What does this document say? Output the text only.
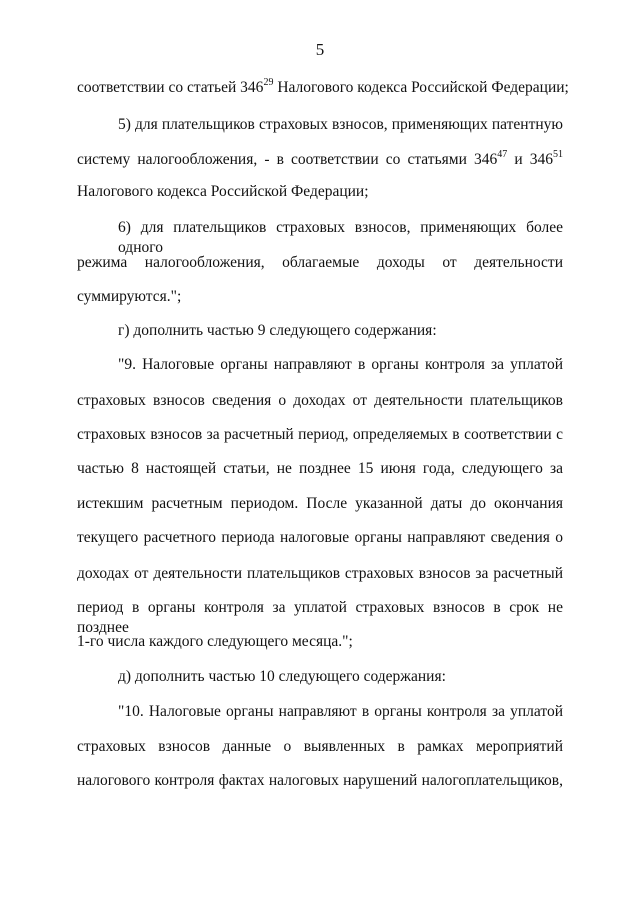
5
соответствии со статьей $346^{29}$ Налогового кодекса Российской Федерации;
5) для плательщиков страховых взносов, применяющих патентную
систему налогообложения, - в соответствии со статьями $346^{47}$ и $346^{51}$
Налогового кодекса Российской Федерации;
6) для плательщиков страховых взносов, применяющих более одного
режима налогообложения, облагаемые доходы от деятельности
суммируются.";
г) дополнить частью 9 следующего содержания:
"9. Налоговые органы направляют в органы контроля за уплатой
страховых взносов сведения о доходах от деятельности плательщиков
страховых взносов за расчетный период, определяемых в соответствии с
частью 8 настоящей статьи, не позднее 15 июня года, следующего за
истекшим расчетным периодом. После указанной даты до окончания
текущего расчетного периода налоговые органы направляют сведения о
доходах от деятельности плательщиков страховых взносов за расчетный
период в органы контроля за уплатой страховых взносов в срок не позднее
1-го числа каждого следующего месяца.";
д) дополнить частью 10 следующего содержания:
"10. Налоговые органы направляют в органы контроля за уплатой
страховых взносов данные о выявленных в рамках мероприятий
налогового контроля фактах налоговых нарушений налогоплательщиков,
